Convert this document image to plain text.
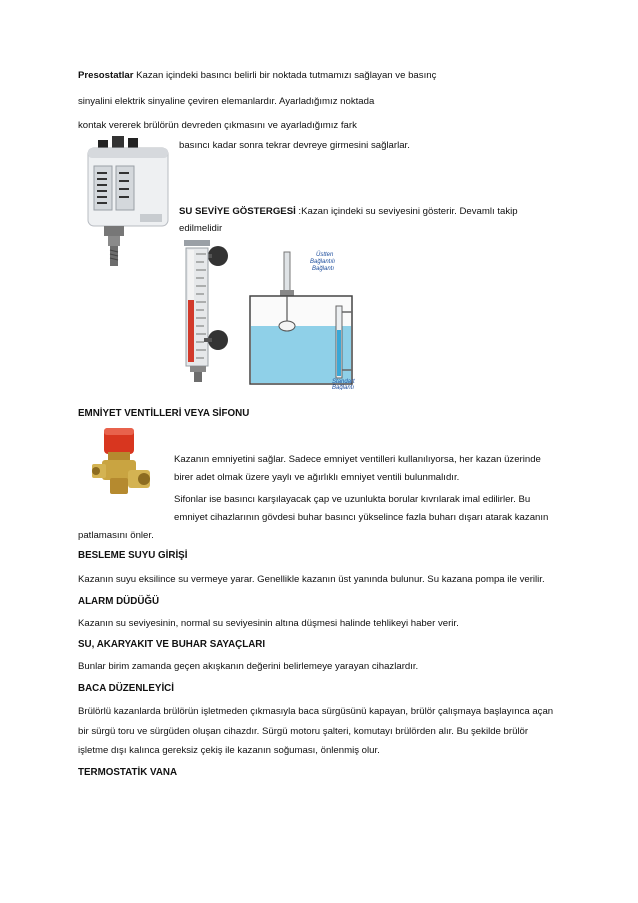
Presostatlar Kazan içindeki basıncı belirli bir noktada tutmamızı sağlayan ve basınç
sinyalini elektrik sinyaline çeviren elemanlardır. Ayarladığımız noktada
kontak vererek brülörün devreden çıkmasını ve ayarladığımız fark
basıncı kadar sonra tekrar devreye girmesini sağlarlar.
SU SEVİYE GÖSTERGESİ :Kazan içindeki su seviyesini gösterir. Devamlı takip
edilmelidir
Üstten
Bağlantılı
Bağlantı
Standart
Bağlantı
EMNİYET VENTİLLERİ VEYA SİFONU
Kazanın emniyetini sağlar. Sadece emniyet ventilleri kullanılıyorsa, her kazan üzerinde
birer adet olmak üzere yaylı ve ağırlıklı emniyet ventili bulunmalıdır.
Sifonlar ise basıncı karşılayacak çap ve uzunlukta borular kıvrılarak imal edilirler. Bu
emniyet cihazlarının gövdesi buhar basıncı yükselince fazla buharı dışarı atarak kazanın
patlamasını önler.
BESLEME SUYU GİRİŞİ
Kazanın suyu eksilince su vermeye yarar. Genellikle kazanın üst yanında bulunur. Su kazana pompa ile verilir.
ALARM DÜDÜĞÜ
Kazanın su seviyesinin, normal su seviyesinin altına düşmesi halinde tehlikeyi haber verir.
SU, AKARYAKIT VE BUHAR SAYAÇLARI
Bunlar birim zamanda geçen akışkanın değerini belirlemeye yarayan cihazlardır.
BACA DÜZENLEYİCİ
Brülörlü kazanlarda brülörün işletmeden çıkmasıyla baca sürgüsünü kapayan, brülör çalışmaya başlayınca açan
bir sürgü toru ve sürgüden oluşan cihazdır. Sürgü motoru şalteri, komutayı brülörden alır. Bu şekilde brülör
işletme dışı kalınca gereksiz çekiş ile kazanın soğuması, önlenmiş olur.
TERMOSTATİK VANA
